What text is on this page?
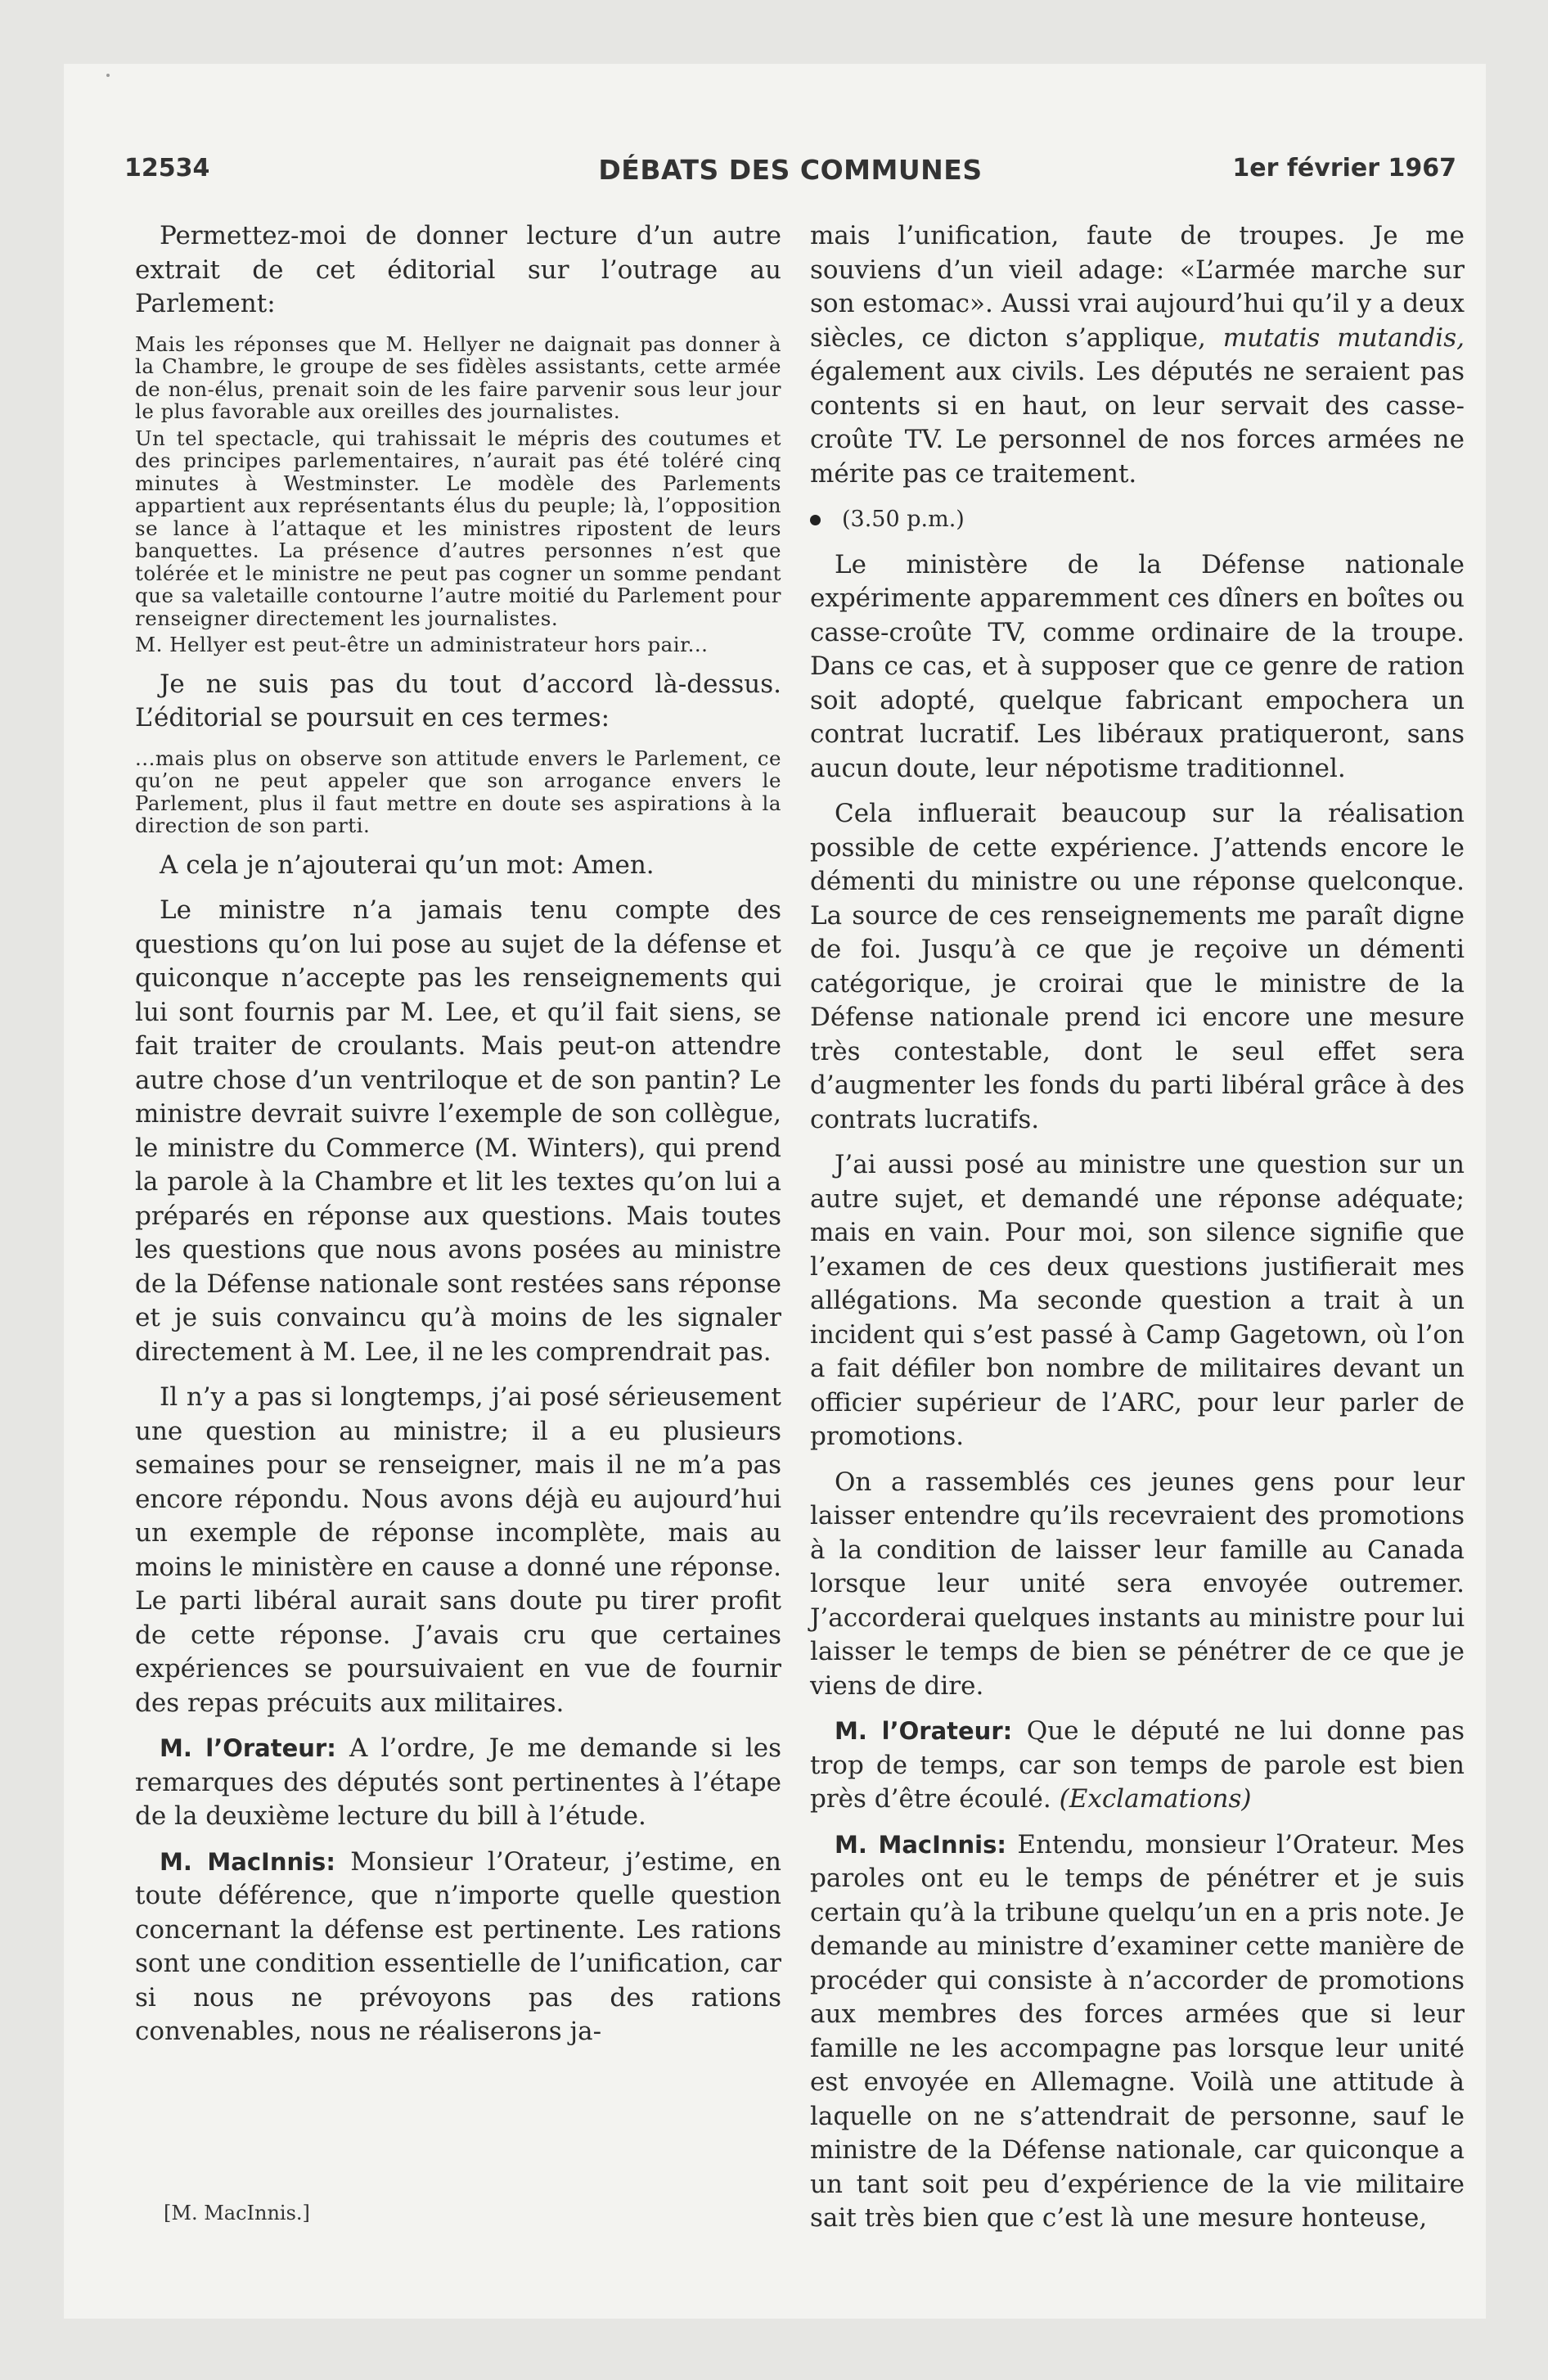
12534	DÉBATS DES COMMUNES	1er février 1967

Permettez-moi de donner lecture d’un autre extrait de cet éditorial sur l’outrage au Parlement:

Mais les réponses que M. Hellyer ne daignait pas donner à la Chambre, le groupe de ses fidèles assistants, cette armée de non-élus, prenait soin de les faire parvenir sous leur jour le plus favorable aux oreilles des journalistes.

Un tel spectacle, qui trahissait le mépris des coutumes et des principes parlementaires, n’aurait pas été toléré cinq minutes à Westminster. Le modèle des Parlements appartient aux représentants élus du peuple; là, l’opposition se lance à l’attaque et les ministres ripostent de leurs banquettes. La présence d’autres personnes n’est que tolérée et le ministre ne peut pas cogner un somme pendant que sa valetaille contourne l’autre moitié du Parlement pour renseigner directement les journalistes.

M. Hellyer est peut-être un administrateur hors pair...

Je ne suis pas du tout d’accord là-dessus. L’éditorial se poursuit en ces termes:

...mais plus on observe son attitude envers le Parlement, ce qu’on ne peut appeler que son arrogance envers le Parlement, plus il faut mettre en doute ses aspirations à la direction de son parti.

A cela je n’ajouterai qu’un mot: Amen.

Le ministre n’a jamais tenu compte des questions qu’on lui pose au sujet de la défense et quiconque n’accepte pas les renseignements qui lui sont fournis par M. Lee, et qu’il fait siens, se fait traiter de croulants. Mais peut-on attendre autre chose d’un ventriloque et de son pantin? Le ministre devrait suivre l’exemple de son collègue, le ministre du Commerce (M. Winters), qui prend la parole à la Chambre et lit les textes qu’on lui a préparés en réponse aux questions. Mais toutes les questions que nous avons posées au ministre de la Défense nationale sont restées sans réponse et je suis convaincu qu’à moins de les signaler directement à M. Lee, il ne les comprendrait pas.

Il n’y a pas si longtemps, j’ai posé sérieusement une question au ministre; il a eu plusieurs semaines pour se renseigner, mais il ne m’a pas encore répondu. Nous avons déjà eu aujourd’hui un exemple de réponse incomplète, mais au moins le ministère en cause a donné une réponse. Le parti libéral aurait sans doute pu tirer profit de cette réponse. J’avais cru que certaines expériences se poursuivaient en vue de fournir des repas précuits aux militaires.

M. l’Orateur: A l’ordre, Je me demande si les remarques des députés sont pertinentes à l’étape de la deuxième lecture du bill à l’étude.

M. MacInnis: Monsieur l’Orateur, j’estime, en toute déférence, que n’importe quelle question concernant la défense est pertinente. Les rations sont une condition essentielle de l’unification, car si nous ne prévoyons pas des rations convenables, nous ne réaliserons ja-

mais l’unification, faute de troupes. Je me souviens d’un vieil adage: «L’armée marche sur son estomac». Aussi vrai aujourd’hui qu’il y a deux siècles, ce dicton s’applique, mutatis mutandis, également aux civils. Les députés ne seraient pas contents si en haut, on leur servait des casse-croûte TV. Le personnel de nos forces armées ne mérite pas ce traitement.

(3.50 p.m.)

Le ministère de la Défense nationale expérimente apparemment ces dîners en boîtes ou casse-croûte TV, comme ordinaire de la troupe. Dans ce cas, et à supposer que ce genre de ration soit adopté, quelque fabricant empochera un contrat lucratif. Les libéraux pratiqueront, sans aucun doute, leur népotisme traditionnel.

Cela influerait beaucoup sur la réalisation possible de cette expérience. J’attends encore le démenti du ministre ou une réponse quelconque. La source de ces renseignements me paraît digne de foi. Jusqu’à ce que je reçoive un démenti catégorique, je croirai que le ministre de la Défense nationale prend ici encore une mesure très contestable, dont le seul effet sera d’augmenter les fonds du parti libéral grâce à des contrats lucratifs.

J’ai aussi posé au ministre une question sur un autre sujet, et demandé une réponse adéquate; mais en vain. Pour moi, son silence signifie que l’examen de ces deux questions justifierait mes allégations. Ma seconde question a trait à un incident qui s’est passé à Camp Gagetown, où l’on a fait défiler bon nombre de militaires devant un officier supérieur de l’ARC, pour leur parler de promotions.

On a rassemblés ces jeunes gens pour leur laisser entendre qu’ils recevraient des promotions à la condition de laisser leur famille au Canada lorsque leur unité sera envoyée outremer. J’accorderai quelques instants au ministre pour lui laisser le temps de bien se pénétrer de ce que je viens de dire.

M. l’Orateur: Que le député ne lui donne pas trop de temps, car son temps de parole est bien près d’être écoulé. (Exclamations)

M. MacInnis: Entendu, monsieur l’Orateur. Mes paroles ont eu le temps de pénétrer et je suis certain qu’à la tribune quelqu’un en a pris note. Je demande au ministre d’examiner cette manière de procéder qui consiste à n’accorder de promotions aux membres des forces armées que si leur famille ne les accompagne pas lorsque leur unité est envoyée en Allemagne. Voilà une attitude à laquelle on ne s’attendrait de personne, sauf le ministre de la Défense nationale, car quiconque a un tant soit peu d’expérience de la vie militaire sait très bien que c’est là une mesure honteuse,

[M. MacInnis.]
